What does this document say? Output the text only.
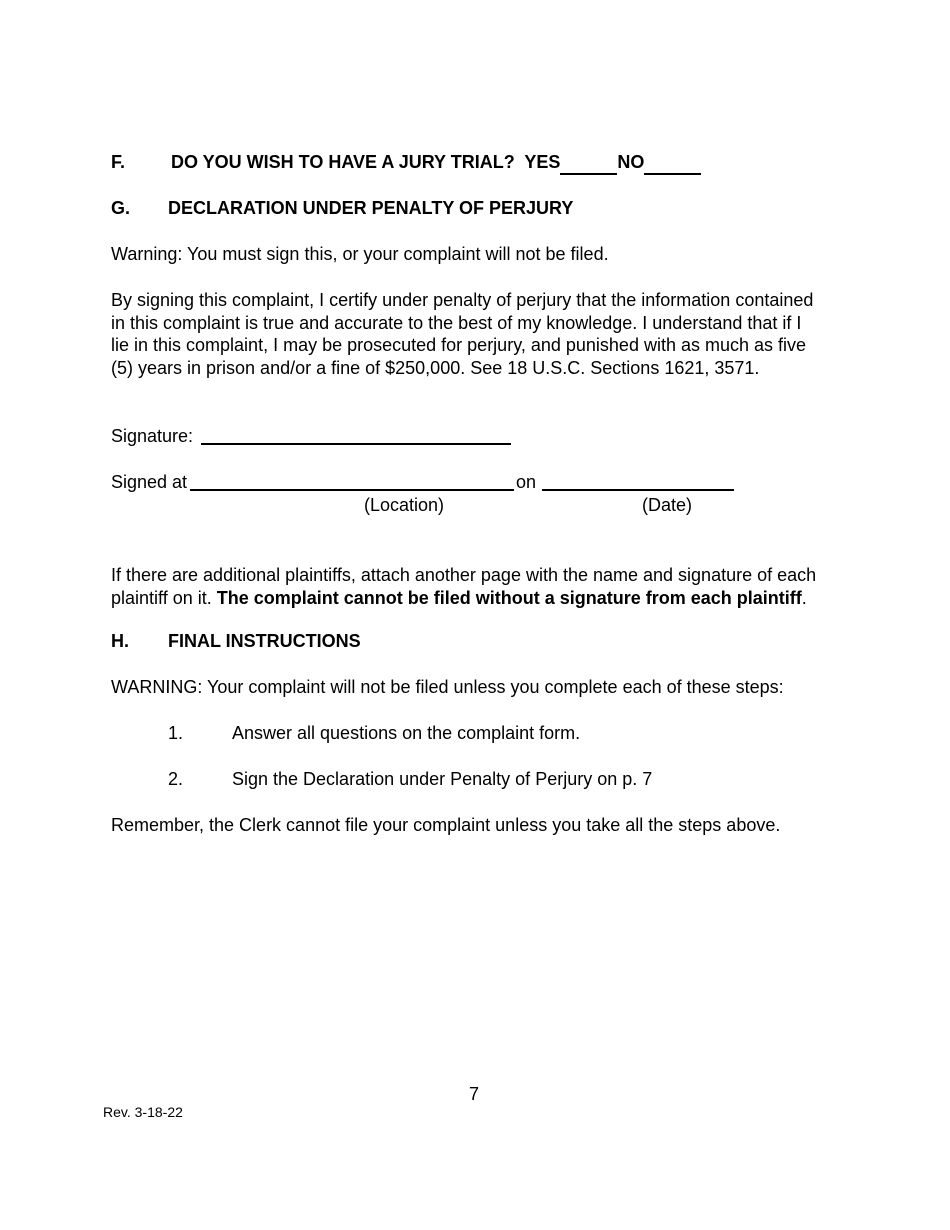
F.	DO YOU WISH TO HAVE A JURY TRIAL? YES	NO
G. DECLARATION UNDER PENALTY OF PERJURY
Warning: You must sign this, or your complaint will not be filed.
By signing this complaint, I certify under penalty of perjury that the information contained
in this complaint is true and accurate to the best of my knowledge. I understand that if I
lie in this complaint, I may be prosecuted for perjury, and punished with as much as five
(5) years in prison and/or a fine of $250,000. See 18 U.S.C. Sections 1621, 3571.
Signature:
Signed at	on
(Location)	(Date)
If there are additional plaintiffs, attach another page with the name and signature of each
plaintiff on it. The complaint cannot be filed without a signature from each plaintiff.
H. FINAL INSTRUCTIONS
WARNING: Your complaint will not be filed unless you complete each of these steps:
1.	Answer all questions on the complaint form.
2.	Sign the Declaration under Penalty of Perjury on p. 7
Remember, the Clerk cannot file your complaint unless you take all the steps above.
7
Rev. 3-18-22
